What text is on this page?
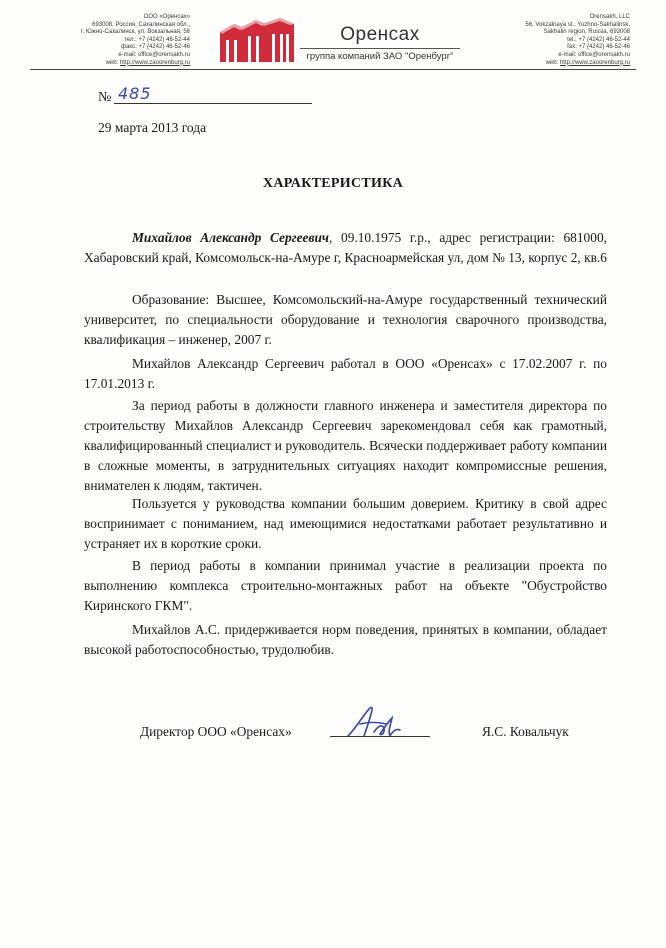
ООО «Оренсах»
693008, Россия, Сахалинская обл.,
г. Южно-Сахалинск, ул. Вокзальная, 56
тел.: +7 (4242) 46-52-44
факс: +7 (4242) 46-52-46
e-mail: office@orensakh.ru
web: http://www.zaoorenburg.ru
Оренсах
группа компаний ЗАО "Оренбург"
Orensakh, LLC
56, Vokzalnaya st., Yuzhno-Sakhalinsk,
Sakhalin region, Russia, 693008
tel.: +7 (4242) 46-52-44
fax: +7 (4242) 46-52-46
e-mail: office@orensakh.ru
web: http://www.zaoorenburg.ru
№ 485
29 марта 2013 года
ХАРАКТЕРИСТИКА

Михайлов Александр Сергеевич, 09.10.1975 г.р., адрес регистрации: 681000, Хабаровский край, Комсомольск-на-Амуре г, Красноармейская ул, дом № 13, корпус 2, кв.6

Образование: Высшее, Комсомольский-на-Амуре государственный технический университет, по специальности оборудование и технология сварочного производства, квалификация – инженер, 2007 г.

Михайлов Александр Сергеевич работал в ООО «Оренсах» с 17.02.2007 г. по 17.01.2013 г.

За период работы в должности главного инженера и заместителя директора по строительству Михайлов Александр Сергеевич зарекомендовал себя как грамотный, квалифицированный специалист и руководитель. Всячески поддерживает работу компании в сложные моменты, в затруднительных ситуациях находит компромиссные решения, внимателен к людям, тактичен.

Пользуется у руководства компании большим доверием. Критику в свой адрес воспринимает с пониманием, над имеющимися недостатками работает результативно и устраняет их в короткие сроки.

В период работы в компании принимал участие в реализации проекта по выполнению комплекса строительно-монтажных работ на объекте "Обустройство Киринского ГКМ".

Михайлов А.С. придерживается норм поведения, принятых в компании, обладает высокой работоспособностью, трудолюбив.

Директор ООО «Оренсах»	Я.С. Ковальчук
